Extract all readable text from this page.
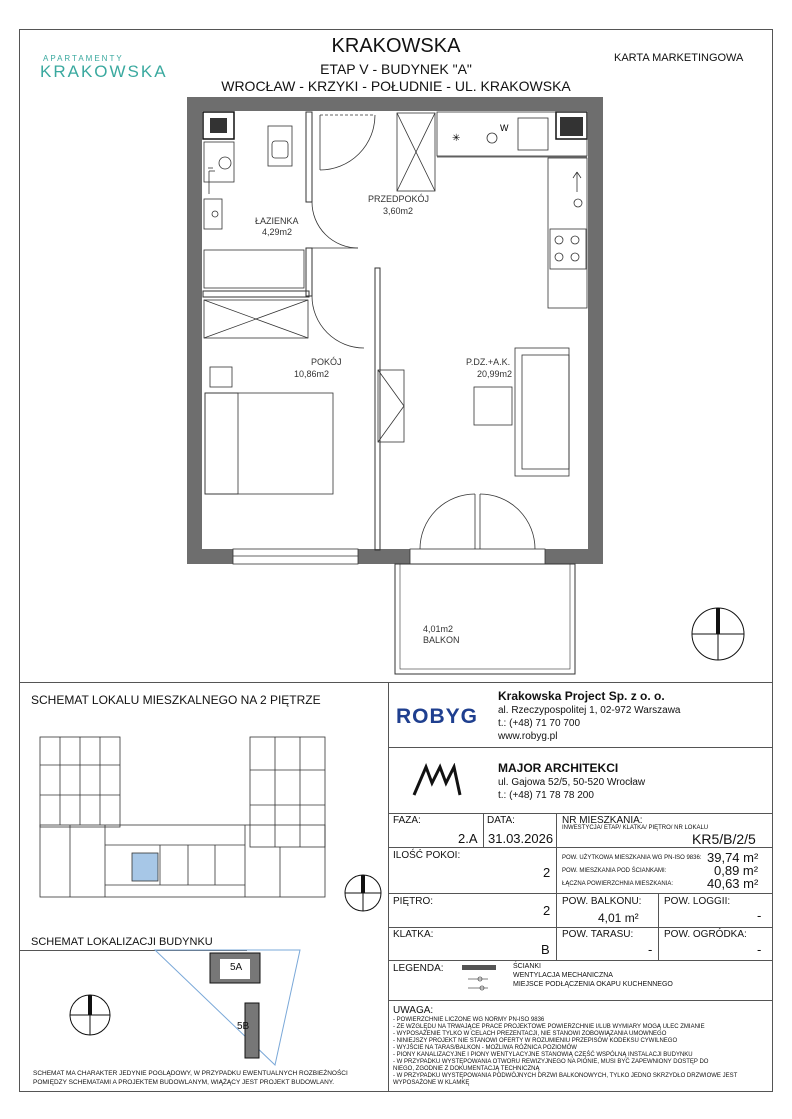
APARTAMENTY
KRAKOWSKA
KRAKOWSKA
ETAP V - BUDYNEK "A"
WROCŁAW - KRZYKI - POŁUDNIE - UL. KRAKOWSKA
KARTA MARKETINGOWA
✳
W
ŁAZIENKA
4,29m2
PRZEDPOKÓJ
3,60m2
POKÓJ
10,86m2
P.DZ.+A.K.
20,99m2
4,01m2
BALKON
SCHEMAT LOKALU MIESZKALNEGO NA 2 PIĘTRZE
SCHEMAT LOKALIZACJI BUDYNKU
5A
5B
SCHEMAT MA CHARAKTER JEDYNIE POGLĄDOWY, W PRZYPADKU EWENTUALNYCH ROZBIEŻNOŚCI
POMIĘDZY SCHEMATAMI A PROJEKTEM BUDOWLANYM, WIĄŻĄCY JEST PROJEKT BUDOWLANY.
ROBYG
Krakowska Project Sp. z o. o.
al. Rzeczypospolitej 1, 02-972 Warszawa
t.: (+48) 71 70 700
www.robyg.pl
MAJOR ARCHITEKCI
ul. Gajowa 52/5, 50-520 Wrocław
t.: (+48) 71 78 78 200
FAZA:
2.A
DATA:
31.03.2026
NR MIESZKANIA:
INWESTYCJA/ ETAP/ KLATKA/ PIĘTRO/ NR LOKALU
KR5/B/2/5
ILOŚĆ POKOI:
2
POW. UŻYTKOWA MIESZKANIA WG PN-ISO 9836: 39,74 m²
POW. MIESZKANIA POD ŚCIANKAMI:	0,89 m²
ŁĄCZNA POWIERZCHNIA MIESZKANIA:	40,63 m²
PIĘTRO:
2
POW. BALKONU:
4,01 m²
POW. LOGGII:
-
KLATKA:
B
POW. TARASU:
-
POW. OGRÓDKA:
-
LEGENDA:	ŚCIANKI
WENTYLACJA MECHANICZNA
MIEJSCE PODŁĄCZENIA OKAPU KUCHENNEGO
UWAGA:
- POWIERZCHNIE LICZONE WG NORMY PN-ISO 9836
- ZE WZGLĘDU NA TRWAJĄCE PRACE PROJEKTOWE POWIERZCHNIE I/LUB WYMIARY MOGĄ ULEC ZMIANIE
- WYPOSAŻENIE TYLKO W CELACH PREZENTACJI, NIE STANOWI ZOBOWIĄZANIA UMOWNEGO
- NINIEJSZY PROJEKT NIE STANOWI OFERTY W ROZUMIENIU PRZEPISÓW KODEKSU CYWILNEGO
- WYJŚCIE NA TARAS/BALKON - MOŻLIWA RÓŻNICA POZIOMÓW
- PIONY KANALIZACYJNE I PIONY WENTYLACYJNE STANOWIĄ CZĘŚĆ WSPÓLNĄ INSTALACJI BUDYNKU
- W PRZYPADKU WYSTĘPOWANIA OTWORU REWIZYJNEGO NA PIONIE, MUSI BYĆ ZAPEWNIONY DOSTĘP DO
NIEGO, ZGODNIE Z DOKUMENTACJĄ TECHNICZNĄ
- W PRZYPADKU WYSTĘPOWANIA PODWÓJNYCH DRZWI BALKONOWYCH, TYLKO JEDNO SKRZYDŁO DRZWIOWE JEST
WYPOSAŻONE W KLAMKĘ
